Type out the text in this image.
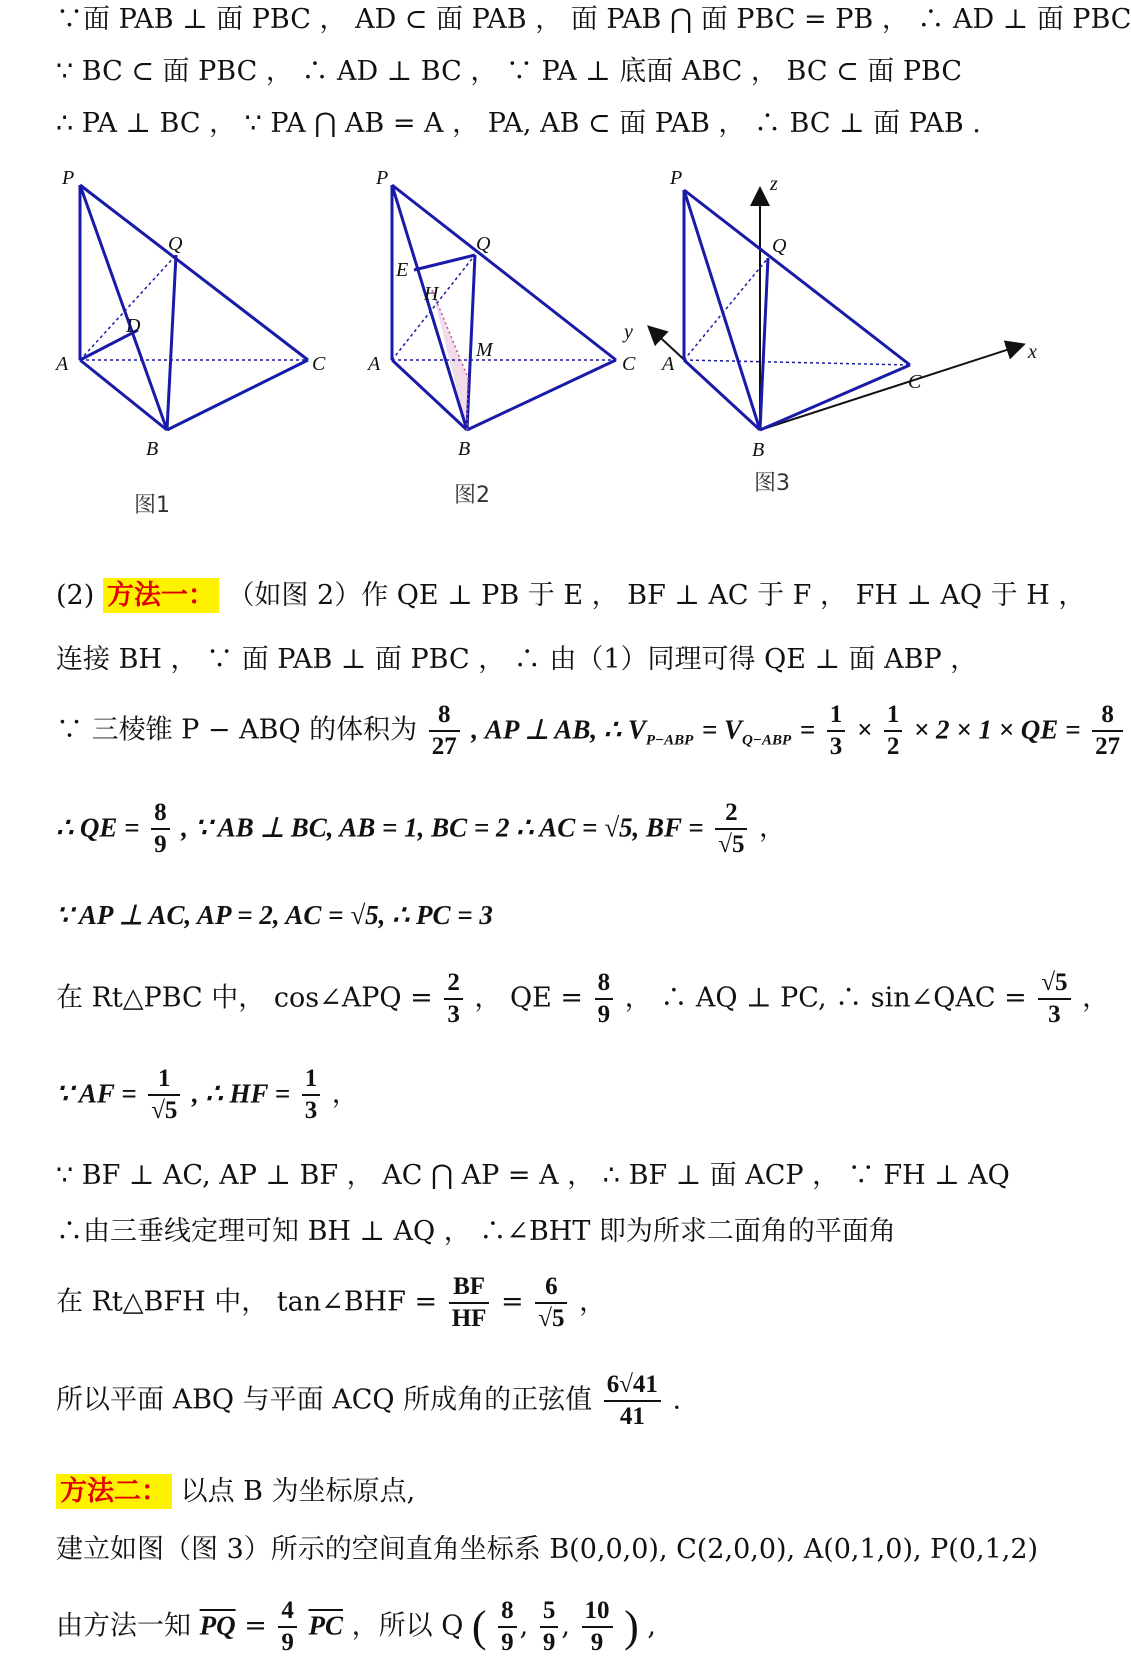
∵面 PAB ⊥ 面 PBC ， AD ⊂ 面 PAB ， 面 PAB ⋂ 面 PBC = PB ， ∴ AD ⊥ 面 PBC
∵ BC ⊂ 面 PBC ， ∴ AD ⊥ BC ， ∵ PA ⊥ 底面 ABC ， BC ⊂ 面 PBC
∴ PA ⊥ BC ， ∵ PA ⋂ AB = A ， PA, AB ⊂ 面 PAB ， ∴ BC ⊥ 面 PAB .
P
Q
D
A
B
C
图1
P
Q
E
H
M
A
B
C
图2
P	z
Q
y
A
x
C
B
图3
(2) 方法一： （如图 2）作 QE ⊥ PB 于 E ， BF ⊥ AC 于 F ， FH ⊥ AQ 于 H ，
连接 BH ， ∵ 面 PAB ⊥ 面 PBC ， ∴ 由（1）同理可得 QE ⊥ 面 ABP ，
∵ 三棱锥 P − ABQ 的体积为 $\frac{8}{27}$ , AP ⊥ AB, ∴ $V_{P-ABP} = V_{Q-ABP} = \frac{1}{3} \times \frac{1}{2} \times 2 \times 1$ × QE = $\frac{8}{27}$
∴ QE = $\frac{8}{9}$ , ∵ AB ⊥ BC, AB = 1, BC = 2 ∴ AC = √5, BF = $\frac{2}{√5}$ ，
∵ AP ⊥ AC, AP = 2, AC = √5, ∴ PC = 3
在 Rt△PBC 中， cos∠APQ = $\frac{2}{3}$ ， QE = $\frac{8}{9}$ ， ∴ AQ ⊥ PC, ∴ sin∠QAC = $\frac{√5}{3}$ ，
∵ AF = $\frac{1}{√5}$ , ∴ HF = $\frac{1}{3}$ ，
∵ BF ⊥ AC, AP ⊥ BF ， AC ⋂ AP = A ， ∴ BF ⊥ 面 ACP ， ∵ FH ⊥ AQ
∴由三垂线定理可知 BH ⊥ AQ ， ∴∠BHT 即为所求二面角的平面角
在 Rt△BFH 中， tan∠BHF = $\frac{BF}{HF} = \frac{6}{√5}$ ，
所以平面 ABQ 与平面 ACQ 所成角的正弦值 $\frac{6√41}{41}$ .
方法二： 以点 B 为坐标原点,
建立如图（图 3）所示的空间直角坐标系 B(0,0,0), C(2,0,0), A(0,1,0), P(0,1,2)
由方法一知 $\overline{PQ} = \frac{4}{9} \overline{PC}$ ，所以 Q ( $\frac{8}{9}$ , $\frac{5}{9}$ , $\frac{10}{9}$ ) ,
